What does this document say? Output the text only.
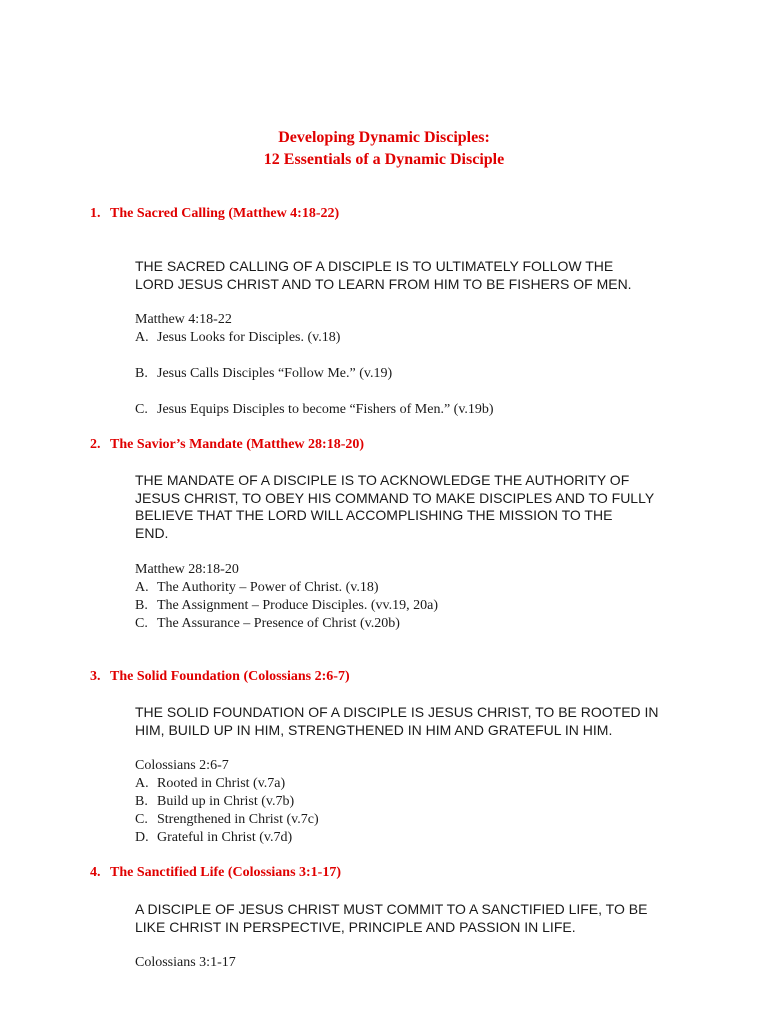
Developing Dynamic Disciples:
12 Essentials of a Dynamic Disciple
1. The Sacred Calling (Matthew 4:18-22)
THE SACRED CALLING OF A DISCIPLE IS TO ULTIMATELY FOLLOW THE
LORD JESUS CHRIST AND TO LEARN FROM HIM TO BE FISHERS OF MEN.
Matthew 4:18-22
A. Jesus Looks for Disciples. (v.18)
B. Jesus Calls Disciples “Follow Me.” (v.19)
C. Jesus Equips Disciples to become “Fishers of Men.” (v.19b)
2. The Savior’s Mandate (Matthew 28:18-20)
THE MANDATE OF A DISCIPLE IS TO ACKNOWLEDGE THE AUTHORITY OF
JESUS CHRIST, TO OBEY HIS COMMAND TO MAKE DISCIPLES AND TO FULLY
BELIEVE THAT THE LORD WILL ACCOMPLISHING THE MISSION TO THE
END.
Matthew 28:18-20
A. The Authority – Power of Christ. (v.18)
B. The Assignment – Produce Disciples. (vv.19, 20a)
C. The Assurance – Presence of Christ (v.20b)
3. The Solid Foundation (Colossians 2:6-7)
THE SOLID FOUNDATION OF A DISCIPLE IS JESUS CHRIST, TO BE ROOTED IN
HIM, BUILD UP IN HIM, STRENGTHENED IN HIM AND GRATEFUL IN HIM.
Colossians 2:6-7
A. Rooted in Christ (v.7a)
B. Build up in Christ (v.7b)
C. Strengthened in Christ (v.7c)
D. Grateful in Christ (v.7d)
4. The Sanctified Life (Colossians 3:1-17)
A DISCIPLE OF JESUS CHRIST MUST COMMIT TO A SANCTIFIED LIFE, TO BE
LIKE CHRIST IN PERSPECTIVE, PRINCIPLE AND PASSION IN LIFE.
Colossians 3:1-17
